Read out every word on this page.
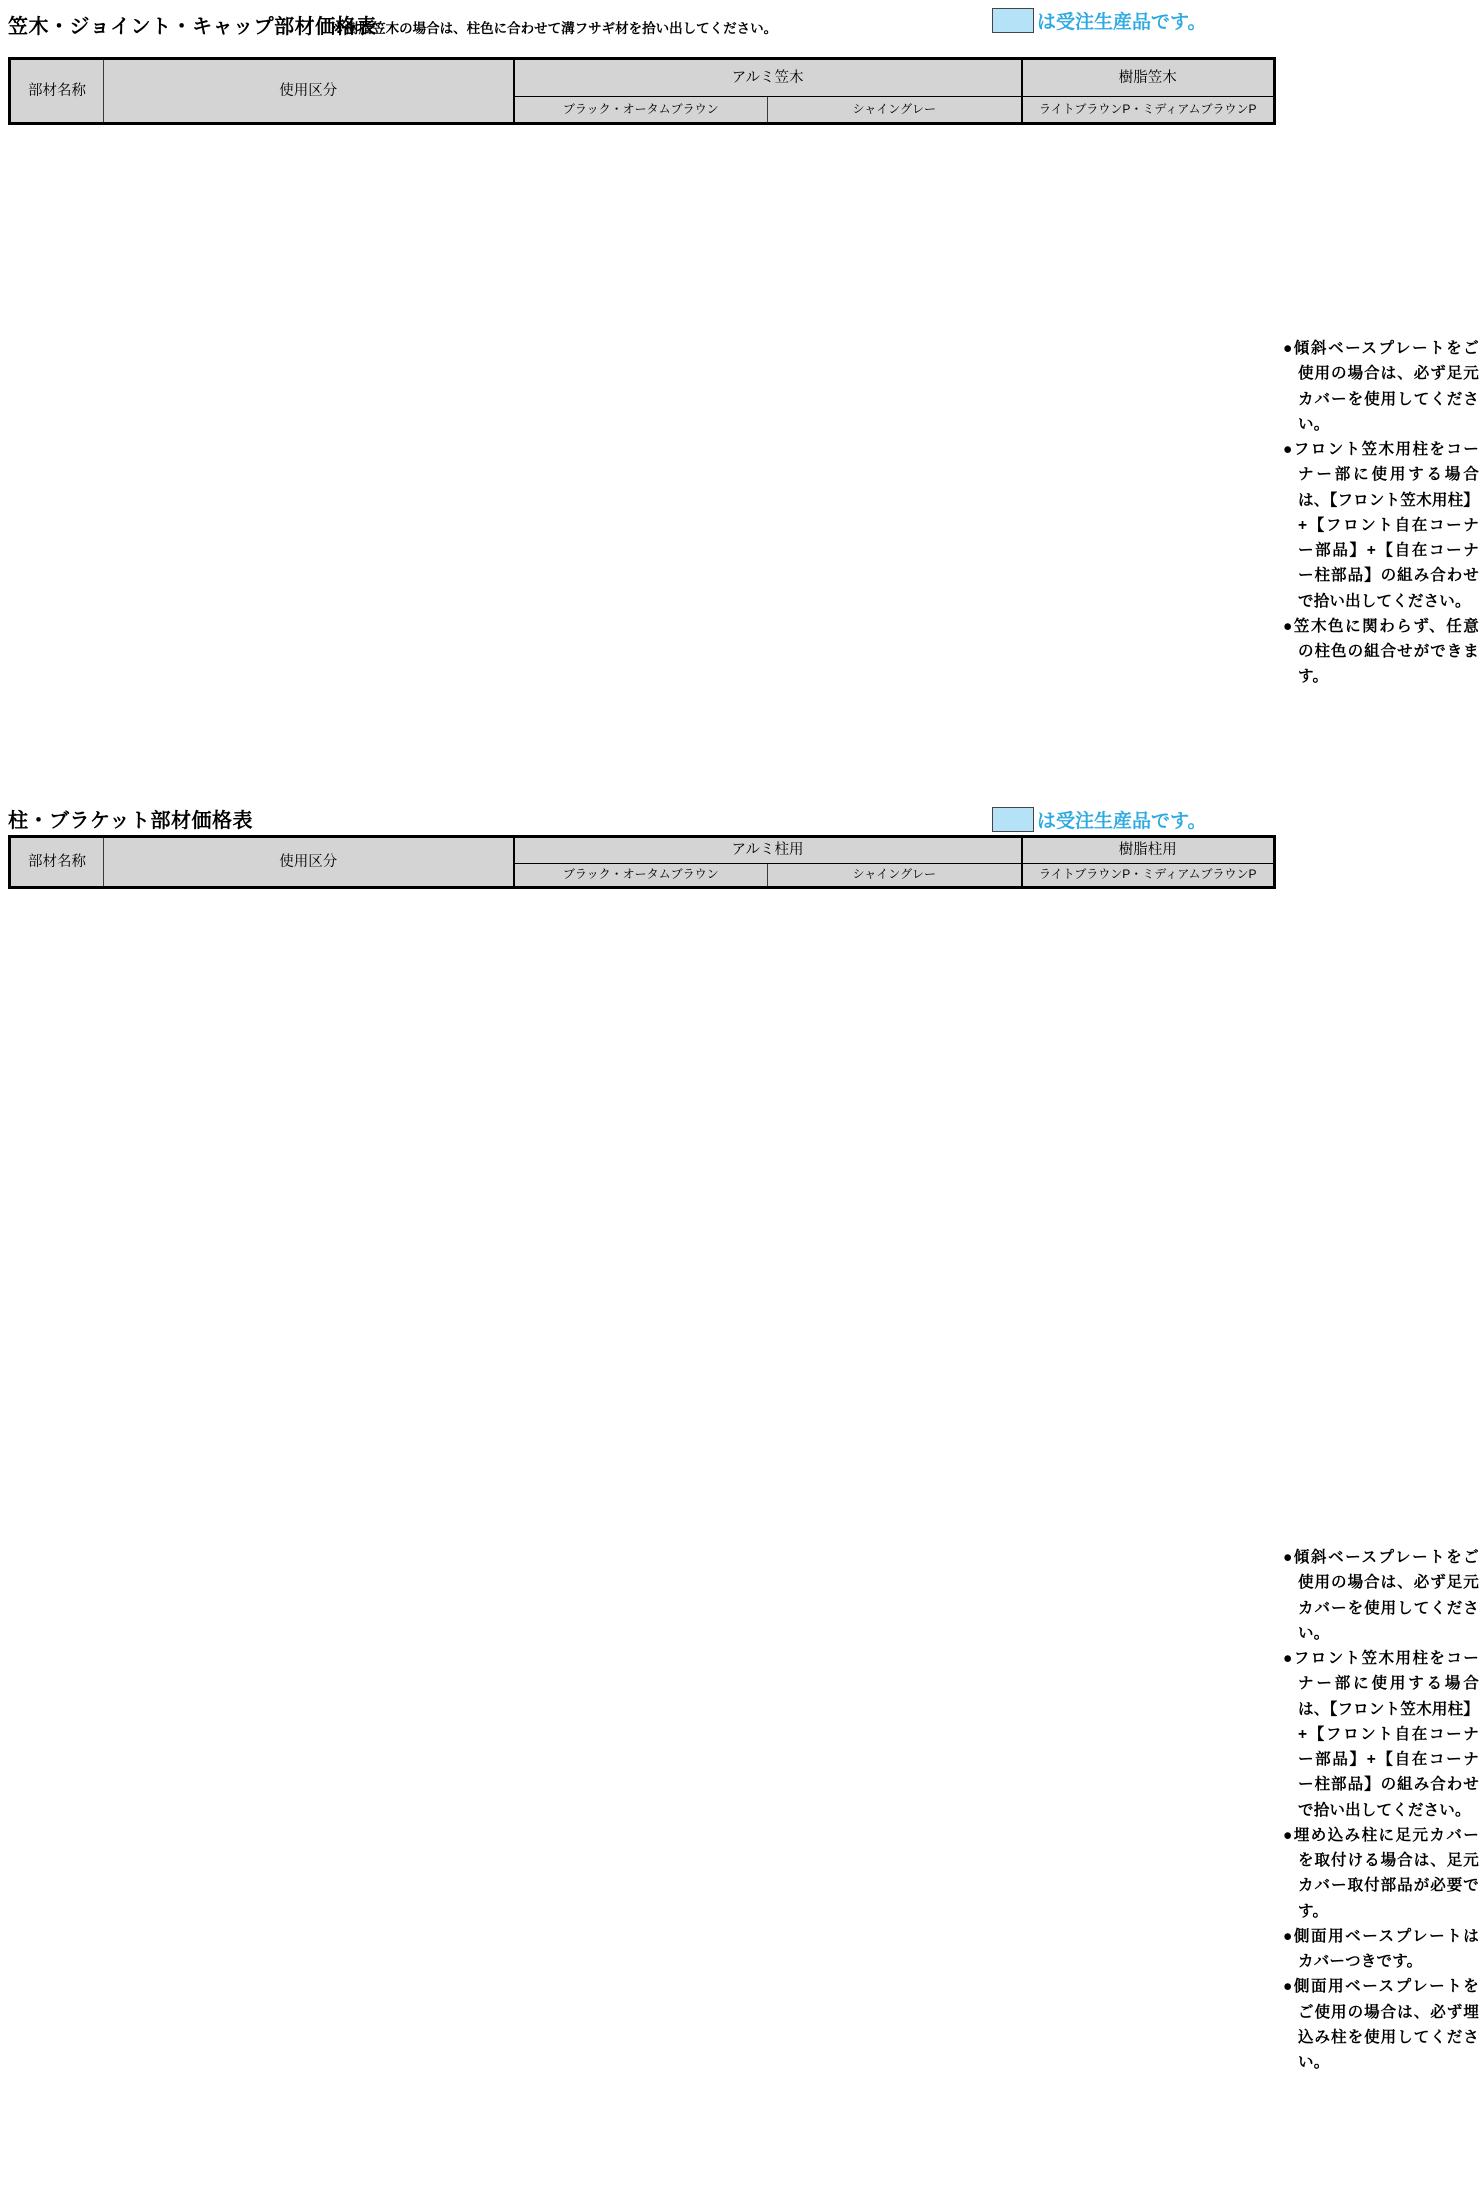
笠木・ジョイント・キャップ部材価格表
※樹脂笠木の場合は、柱色に合わせて溝フサギ材を拾い出してください。	は受注生産品です。
部材名称	使用区分	アルミ笠木		樹脂笠木
		ブラック・オータムブラウン	シャイングレー	ライトブラウンP・ミディアムブラウンP

●傾斜ベースプレートをご使用の場合は、必ず足元カバーを使用してください。
●フロント笠木用柱をコーナー部に使用する場合は、【フロント笠木用柱】+【フロント自在コーナー部品】+【自在コーナー柱部品】の組み合わせで拾い出してください。
●笠木色に関わらず、任意の柱色の組合せができます。
柱・ブラケット部材価格表	は受注生産品です。
部材名称	使用区分	アルミ柱用		樹脂柱用
		ブラック・オータムブラウン	シャイングレー	ライトブラウンP・ミディアムブラウンP

●傾斜ベースプレートをご使用の場合は、必ず足元カバーを使用してください。
●フロント笠木用柱をコーナー部に使用する場合は、【フロント笠木用柱】+【フロント自在コーナー部品】+【自在コーナー柱部品】の組み合わせで拾い出してください。
●埋め込み柱に足元カバーを取付ける場合は、足元カバー取付部品が必要です。
●側面用ベースプレートはカバーつきです。
●側面用ベースプレートをご使用の場合は、必ず埋込み柱を使用してください。
